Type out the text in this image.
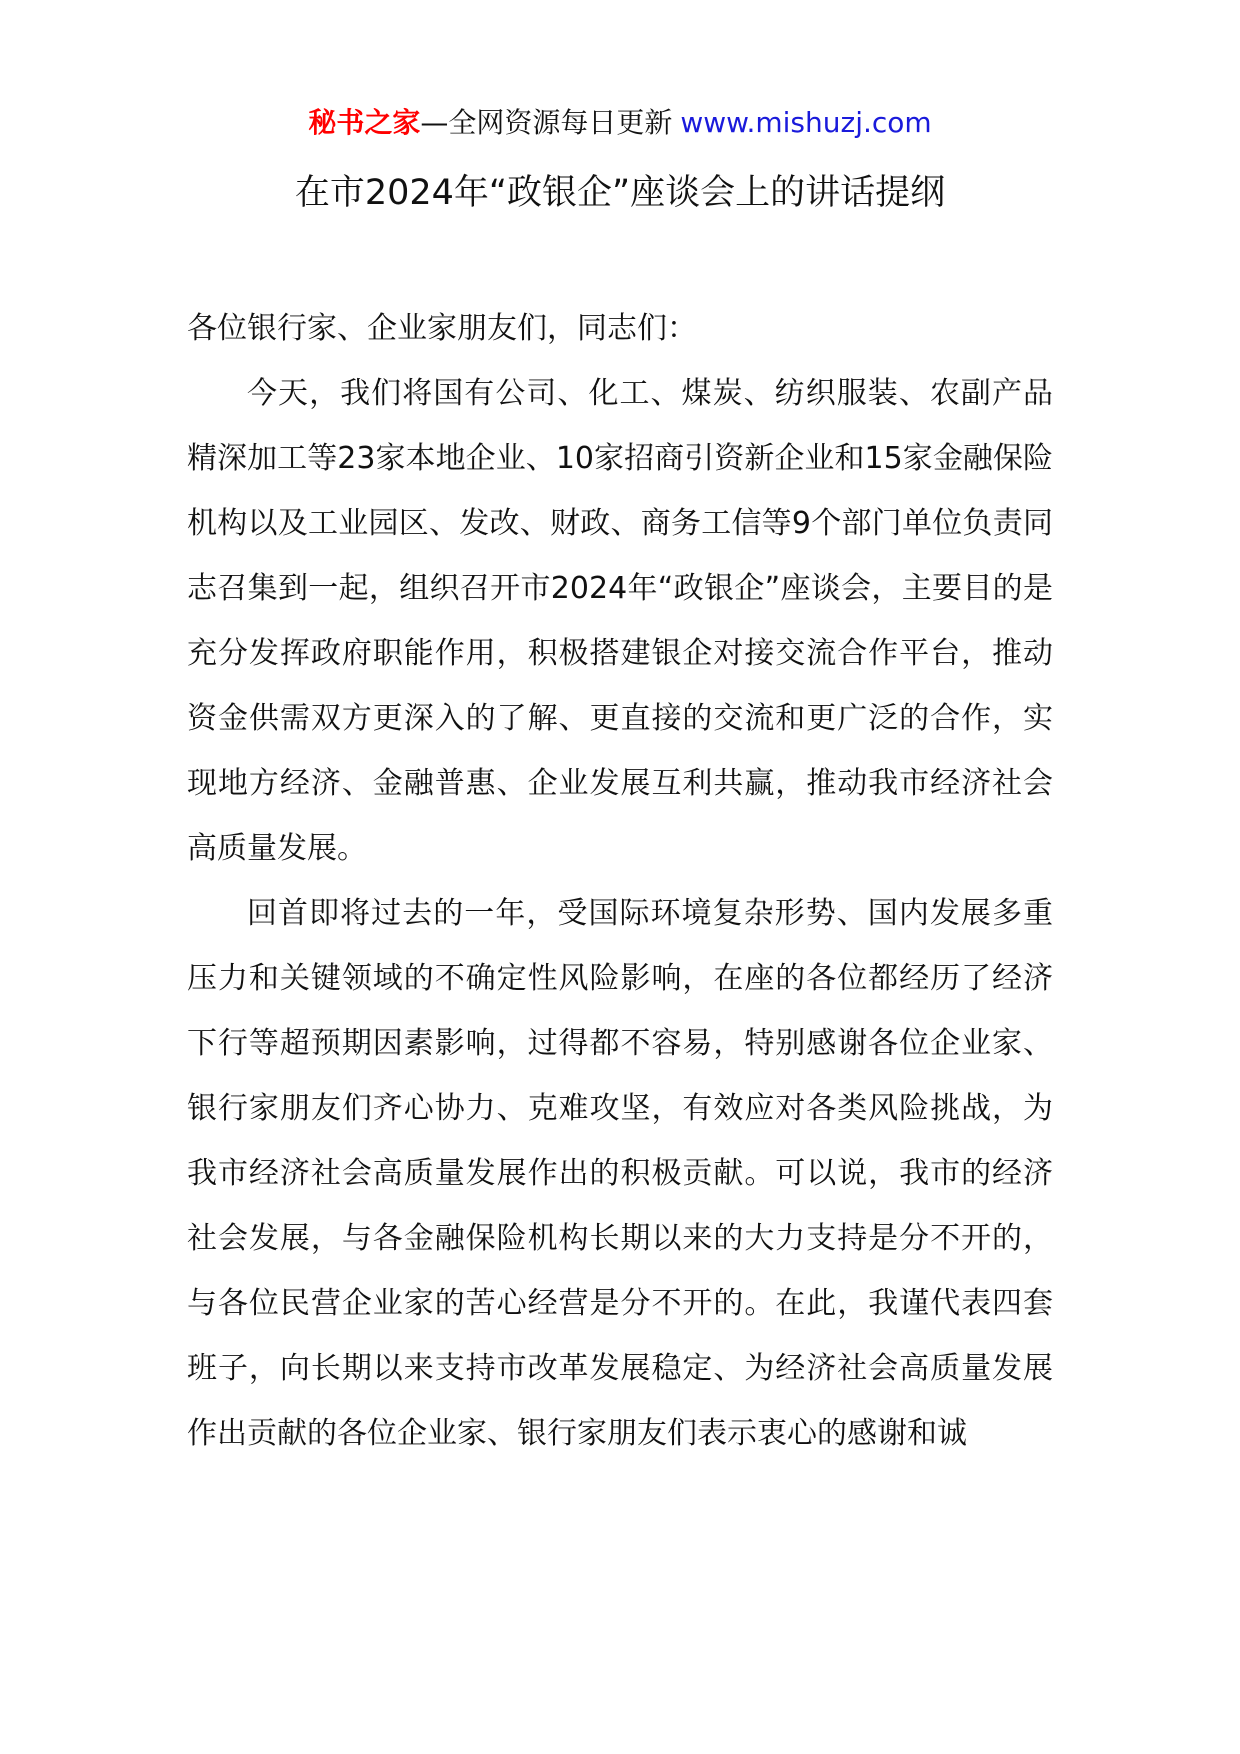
秘书之家—全网资源每日更新 www.mishuzj.com
在市2024年“政银企”座谈会上的讲话提纲

各位银行家、企业家朋友们，同志们：

今天，我们将国有公司、化工、煤炭、纺织服装、农副产品精深加工等23家本地企业、10家招商引资新企业和15家金融保险机构以及工业园区、发改、财政、商务工信等9个部门单位负责同志召集到一起，组织召开市2024年“政银企”座谈会，主要目的是充分发挥政府职能作用，积极搭建银企对接交流合作平台，推动资金供需双方更深入的了解、更直接的交流和更广泛的合作，实现地方经济、金融普惠、企业发展互利共赢，推动我市经济社会高质量发展。

回首即将过去的一年，受国际环境复杂形势、国内发展多重压力和关键领域的不确定性风险影响，在座的各位都经历了经济下行等超预期因素影响，过得都不容易，特别感谢各位企业家、银行家朋友们齐心协力、克难攻坚，有效应对各类风险挑战，为我市经济社会高质量发展作出的积极贡献。可以说，我市的经济社会发展，与各金融保险机构长期以来的大力支持是分不开的，与各位民营企业家的苦心经营是分不开的。在此，我谨代表四套班子，向长期以来支持市改革发展稳定、为经济社会高质量发展作出贡献的各位企业家、银行家朋友们表示衷心的感谢和诚
